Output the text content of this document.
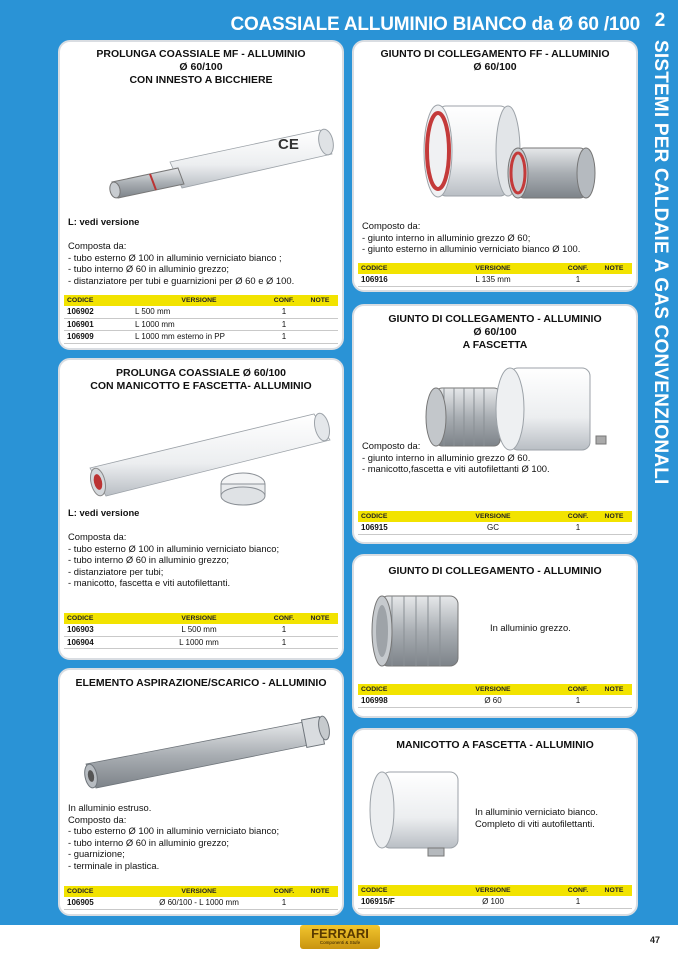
COASSIALE ALLUMINIO BIANCO da Ø 60 /100 2
SISTEMI PER CALDAIE A GAS CONVENZIONALI
PROLUNGA COASSIALE MF - ALLUMINIO
Ø 60/100
CON INNESTO A BICCHIERE
CE
L: vedi versione
Composta da:
- tubo esterno Ø 100 in alluminio verniciato bianco ;
- tubo interno Ø 60 in alluminio grezzo;
- distanziatore per tubi e guarnizioni per Ø 60 e Ø 100.
CODICE	VERSIONE	CONF.	NOTE
106902	L 500 mm	1	
106901	L 1000 mm	1	
106909	L 1000 mm esterno in PP	1	
PROLUNGA COASSIALE Ø 60/100
CON MANICOTTO E FASCETTA- ALLUMINIO
L: vedi versione
Composta da:
- tubo esterno Ø 100 in alluminio verniciato bianco;
- tubo interno Ø 60 in alluminio grezzo;
- distanziatore per tubi;
- manicotto, fascetta e viti autofilettanti.
CODICE	VERSIONE	CONF.	NOTE
106903	L 500 mm	1	
106904	L 1000 mm	1	
ELEMENTO ASPIRAZIONE/SCARICO - ALLUMINIO
In alluminio estruso.
Composto da:
- tubo esterno Ø 100 in alluminio verniciato bianco;
- tubo interno Ø 60 in alluminio grezzo;
- guarnizione;
- terminale in plastica.
CODICE	VERSIONE	CONF.	NOTE
106905	Ø 60/100 - L 1000 mm	1	
GIUNTO DI COLLEGAMENTO FF - ALLUMINIO
Ø 60/100
Composto da:
- giunto interno in alluminio grezzo Ø 60;
- giunto esterno in alluminio verniciato bianco Ø 100.
CODICE	VERSIONE	CONF.	NOTE
106916	L 135 mm	1	
GIUNTO DI COLLEGAMENTO - ALLUMINIO
Ø 60/100
A FASCETTA
Composto da:
- giunto interno in alluminio grezzo Ø 60.
- manicotto,fascetta e viti autofilettanti Ø 100.
CODICE	VERSIONE	CONF.	NOTE
106915	GC	1	
GIUNTO DI COLLEGAMENTO - ALLUMINIO
In alluminio grezzo.
CODICE	VERSIONE	CONF.	NOTE
106998	Ø 60	1	
MANICOTTO A FASCETTA - ALLUMINIO
In alluminio verniciato bianco.
Completo di viti autofilettanti.
CODICE	VERSIONE	CONF.	NOTE
106915/F	Ø 100	1	
FERRARI
Componenti & Stufe	47
